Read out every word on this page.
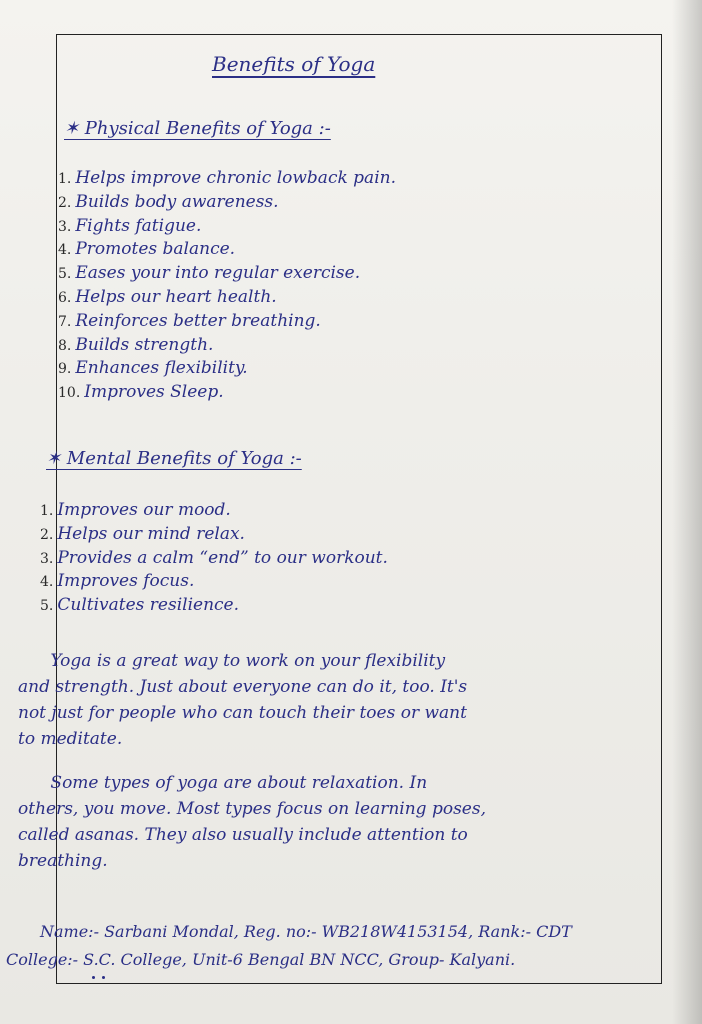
Benefits of Yoga
✶ Physical Benefits of Yoga :-
1. Helps improve chronic lowback pain.
2. Builds body awareness.
3. Fights fatigue.
4. Promotes balance.
5. Eases your into regular exercise.
6. Helps our heart health.
7. Reinforces better breathing.
8. Builds strength.
9. Enhances flexibility.
10. Improves Sleep.
✶ Mental Benefits of Yoga :-
1. Improves our mood.
2. Helps our mind relax.
3. Provides a calm “end” to our workout.
4. Improves focus.
5. Cultivates resilience.
Yoga is a great way to work on your flexibility
and strength. Just about everyone can do it, too. It's
not just for people who can touch their toes or want
to meditate.
Some types of yoga are about relaxation. In
others, you move. Most types focus on learning poses,
called asanas. They also usually include attention to
breathing.
Name:- Sarbani Mondal, Reg. no:- WB218W4153154, Rank:- CDT
College:- S.C. College, Unit-6 Bengal BN NCC, Group- Kalyani.
